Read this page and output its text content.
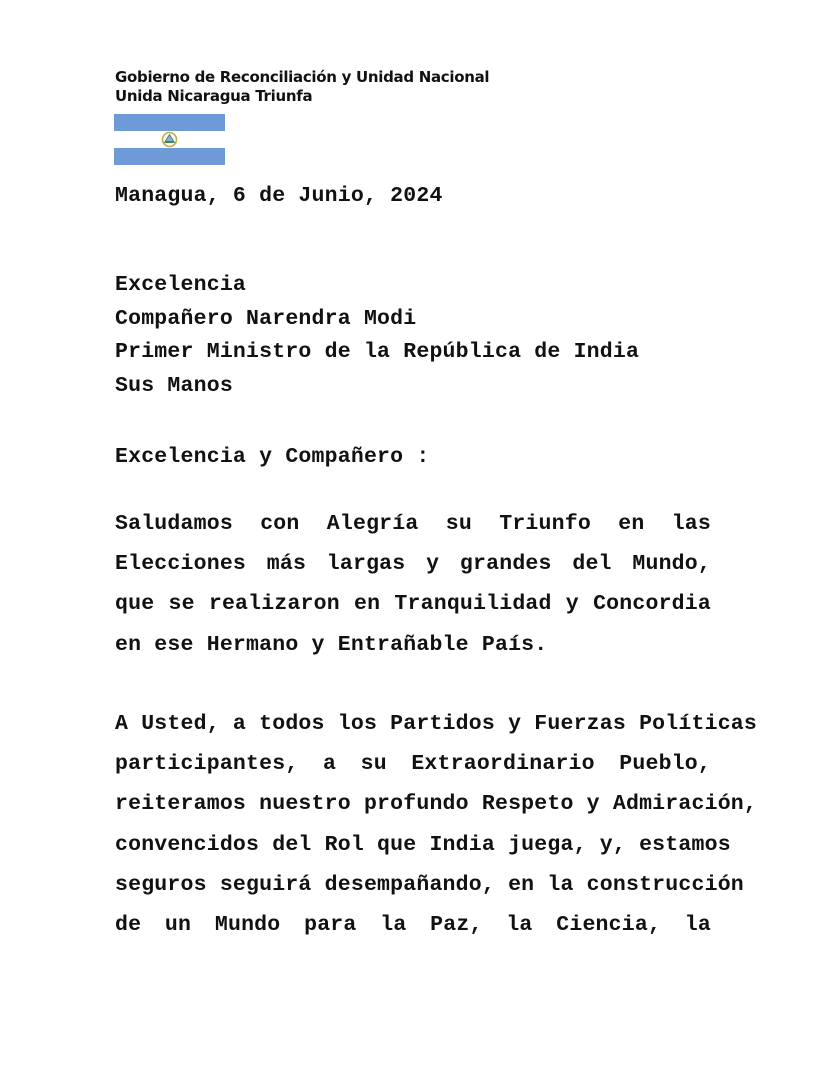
Gobierno de Reconciliación y Unidad Nacional
Unida Nicaragua Triunfa
Managua, 6 de Junio, 2024
Excelencia
Compañero Narendra Modi
Primer Ministro de la República de India
Sus Manos
Excelencia y Compañero :
Saludamos con Alegría su Triunfo en las
Elecciones más largas y grandes del Mundo,
que se realizaron en Tranquilidad y Concordia
en ese Hermano y Entrañable País.
A Usted, a todos los Partidos y Fuerzas Políticas
participantes, a su Extraordinario Pueblo,
reiteramos nuestro profundo Respeto y Admiración,
convencidos del Rol que India juega, y, estamos
seguros seguirá desempañando, en la construcción
de un Mundo para la Paz, la Ciencia, la
